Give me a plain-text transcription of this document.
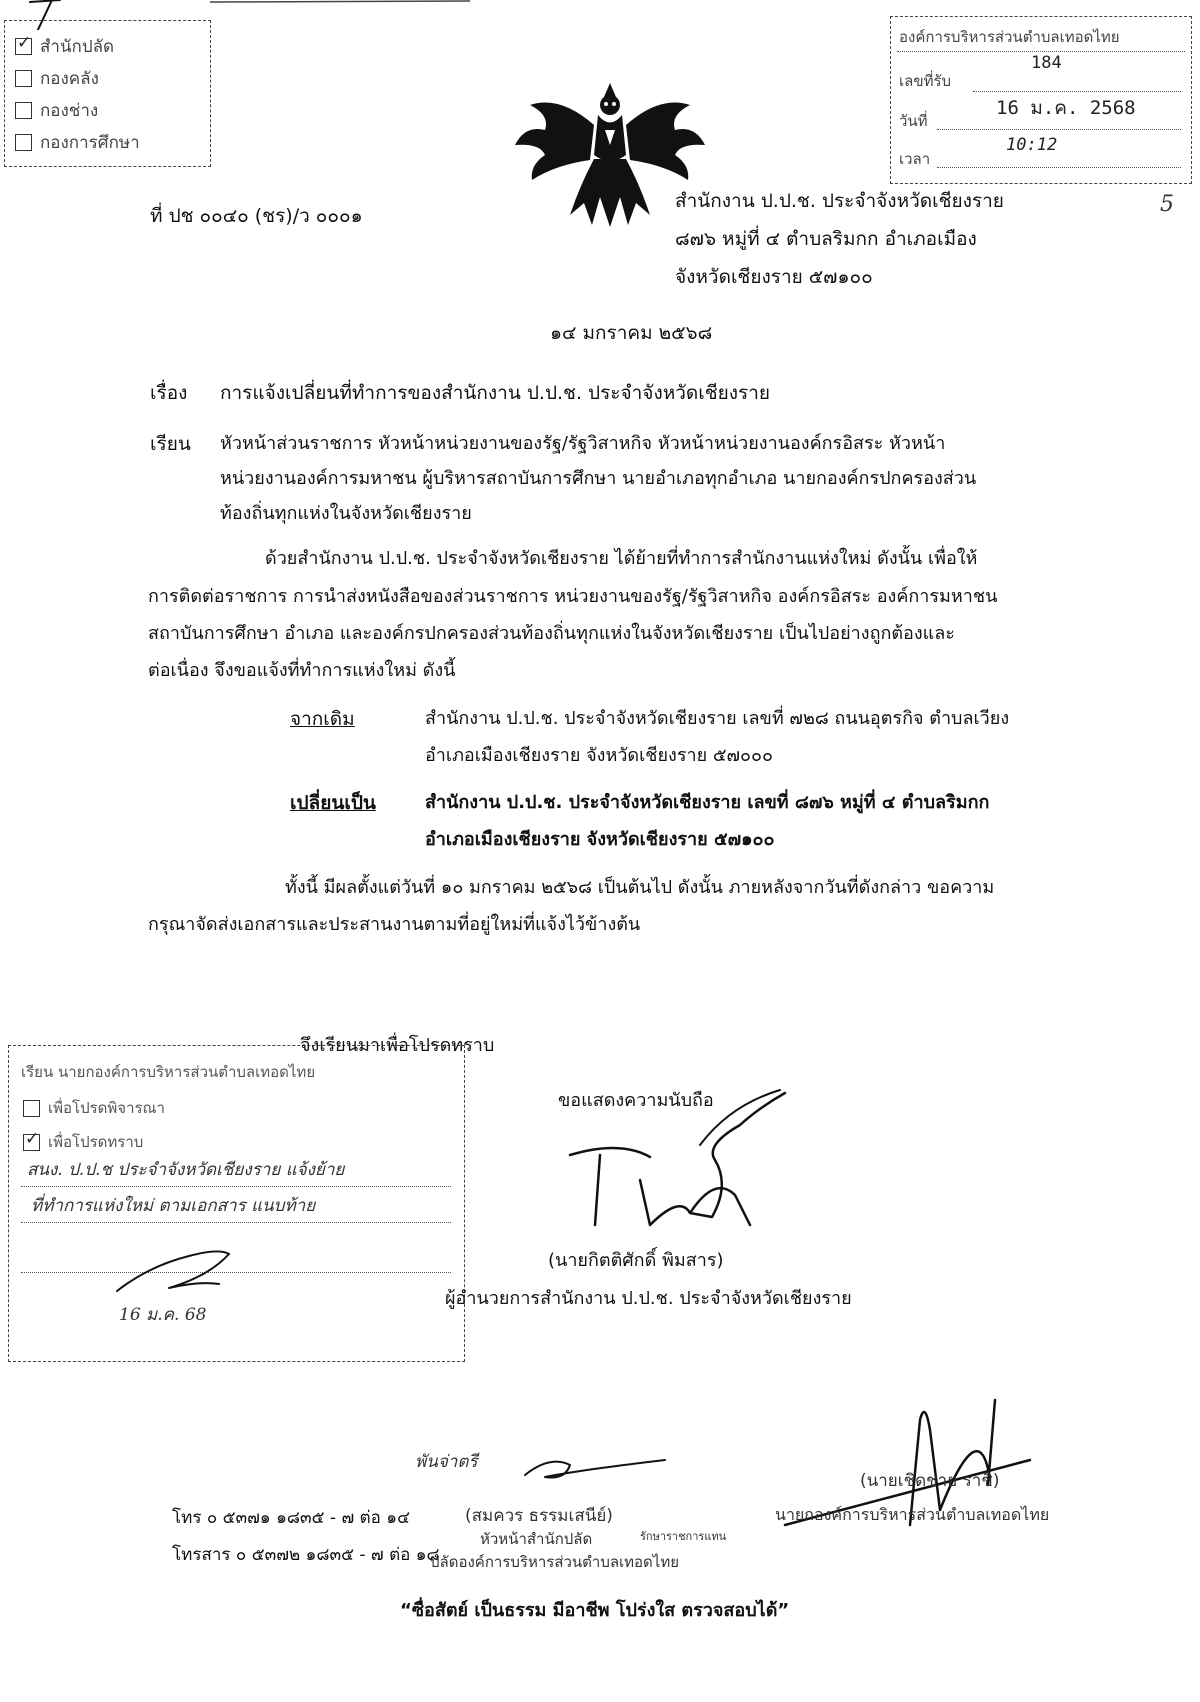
✓
สำนักปลัด
กองคลัง
กองช่าง
กองการศึกษา
องค์การบริหารส่วนตำบลเทอดไทย
เลขที่รับ
184
วันที่
16 ม.ค. 2568
เวลา
10:12
5
ที่ ปช ๐๐๔๐ (ชร)/ว ๐๐๐๑
สำนักงาน ป.ป.ช. ประจำจังหวัดเชียงราย
๘๗๖ หมู่ที่ ๔ ตำบลริมกก อำเภอเมือง
จังหวัดเชียงราย ๕๗๑๐๐
๑๔ มกราคม ๒๕๖๘
เรื่อง การแจ้งเปลี่ยนที่ทำการของสำนักงาน ป.ป.ช. ประจำจังหวัดเชียงราย
เรียน หัวหน้าส่วนราชการ หัวหน้าหน่วยงานของรัฐ/รัฐวิสาหกิจ หัวหน้าหน่วยงานองค์กรอิสระ หัวหน้า
หน่วยงานองค์การมหาชน ผู้บริหารสถาบันการศึกษา นายอำเภอทุกอำเภอ นายกองค์กรปกครองส่วน
ท้องถิ่นทุกแห่งในจังหวัดเชียงราย
ด้วยสำนักงาน ป.ป.ช. ประจำจังหวัดเชียงราย ได้ย้ายที่ทำการสำนักงานแห่งใหม่ ดังนั้น เพื่อให้
การติดต่อราชการ การนำส่งหนังสือของส่วนราชการ หน่วยงานของรัฐ/รัฐวิสาหกิจ องค์กรอิสระ องค์การมหาชน
สถาบันการศึกษา อำเภอ และองค์กรปกครองส่วนท้องถิ่นทุกแห่งในจังหวัดเชียงราย เป็นไปอย่างถูกต้องและ
ต่อเนื่อง จึงขอแจ้งที่ทำการแห่งใหม่ ดังนี้
จากเดิม	สำนักงาน ป.ป.ช. ประจำจังหวัดเชียงราย เลขที่ ๗๒๘ ถนนอุตรกิจ ตำบลเวียง
อำเภอเมืองเชียงราย จังหวัดเชียงราย ๕๗๐๐๐
เปลี่ยนเป็น	สำนักงาน ป.ป.ช. ประจำจังหวัดเชียงราย เลขที่ ๘๗๖ หมู่ที่ ๔ ตำบลริมกก
อำเภอเมืองเชียงราย จังหวัดเชียงราย ๕๗๑๐๐
ทั้งนี้ มีผลตั้งแต่วันที่ ๑๐ มกราคม ๒๕๖๘ เป็นต้นไป ดังนั้น ภายหลังจากวันที่ดังกล่าว ขอความ
กรุณาจัดส่งเอกสารและประสานงานตามที่อยู่ใหม่ที่แจ้งไว้ข้างต้น
เรียน นายกองค์การบริหารส่วนตำบลเทอดไทย
เพื่อโปรดพิจารณา
✓
เพื่อโปรดทราบ
สนง. ป.ป.ช ประจำจังหวัดเชียงราย แจ้งย้าย
ที่ทำการแห่งใหม่ ตามเอกสาร แนบท้าย
16 ม.ค. 68
จึงเรียนมาเพื่อโปรดทราบ
ขอแสดงความนับถือ
(นายกิตติศักดิ์ พิมสาร)
ผู้อำนวยการสำนักงาน ป.ป.ช. ประจำจังหวัดเชียงราย
พันจ่าตรี
(สมควร ธรรมเสนีย์)
หัวหน้าสำนักปลัด	รักษาราชการแทน
ปลัดองค์การบริหารส่วนตำบลเทอดไทย
(นายเชิดชาย ราชิ)
นายกองค์การบริหารส่วนตำบลเทอดไทย
โทร ๐ ๕๓๗๑ ๑๘๓๕ - ๗ ต่อ ๑๔
โทรสาร ๐ ๕๓๗๒ ๑๘๓๕ - ๗ ต่อ ๑๘
“ซื่อสัตย์ เป็นธรรม มีอาชีพ โปร่งใส ตรวจสอบได้”
